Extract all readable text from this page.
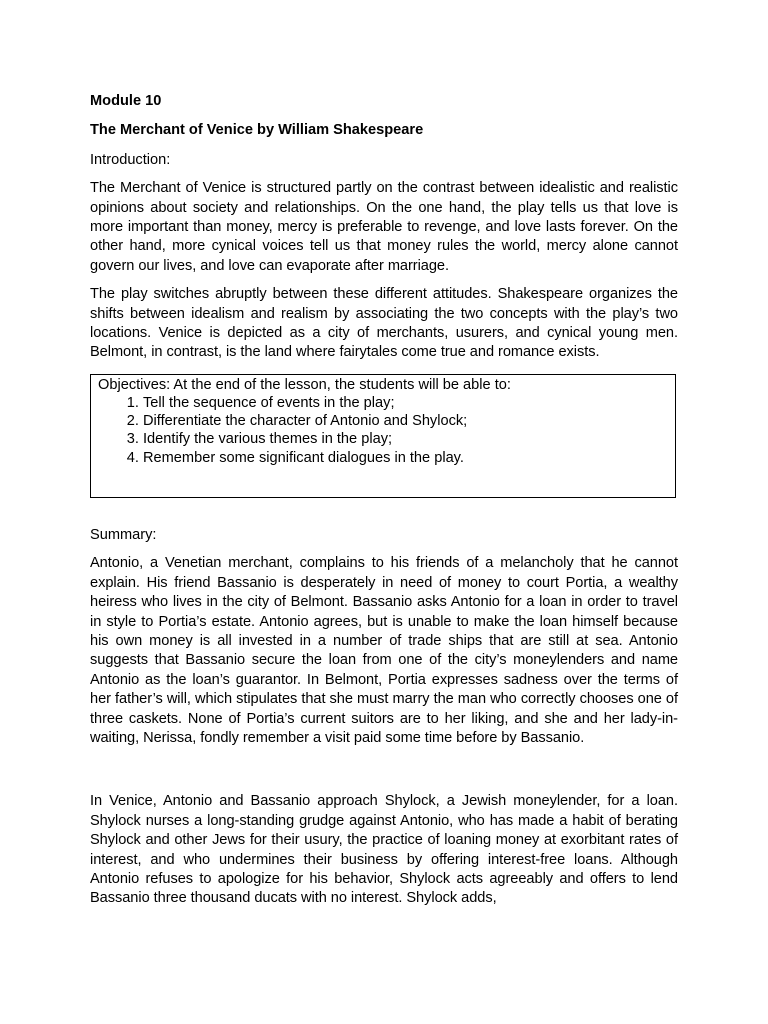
Module 10

The Merchant of Venice by William Shakespeare

Introduction:

The Merchant of Venice is structured partly on the contrast between idealistic and realistic opinions about society and relationships. On the one hand, the play tells us that love is more important than money, mercy is preferable to revenge, and love lasts forever. On the other hand, more cynical voices tell us that money rules the world, mercy alone cannot govern our lives, and love can evaporate after marriage.

The play switches abruptly between these different attitudes. Shakespeare organizes the shifts between idealism and realism by associating the two concepts with the play’s two locations. Venice is depicted as a city of merchants, usurers, and cynical young men. Belmont, in contrast, is the land where fairytales come true and romance exists.

Objectives: At the end of the lesson, the students will be able to:
1. Tell the sequence of events in the play;
2. Differentiate the character of Antonio and Shylock;
3. Identify the various themes in the play;
4. Remember some significant dialogues in the play.

Summary:

Antonio, a Venetian merchant, complains to his friends of a melancholy that he cannot explain. His friend Bassanio is desperately in need of money to court Portia, a wealthy heiress who lives in the city of Belmont. Bassanio asks Antonio for a loan in order to travel in style to Portia’s estate. Antonio agrees, but is unable to make the loan himself because his own money is all invested in a number of trade ships that are still at sea. Antonio suggests that Bassanio secure the loan from one of the city’s moneylenders and name Antonio as the loan’s guarantor. In Belmont, Portia expresses sadness over the terms of her father’s will, which stipulates that she must marry the man who correctly chooses one of three caskets. None of Portia’s current suitors are to her liking, and she and her lady-in-waiting, Nerissa, fondly remember a visit paid some time before by Bassanio.

In Venice, Antonio and Bassanio approach Shylock, a Jewish moneylender, for a loan. Shylock nurses a long-standing grudge against Antonio, who has made a habit of berating Shylock and other Jews for their usury, the practice of loaning money at exorbitant rates of interest, and who undermines their business by offering interest-free loans. Although Antonio refuses to apologize for his behavior, Shylock acts agreeably and offers to lend Bassanio three thousand ducats with no interest. Shylock adds,
